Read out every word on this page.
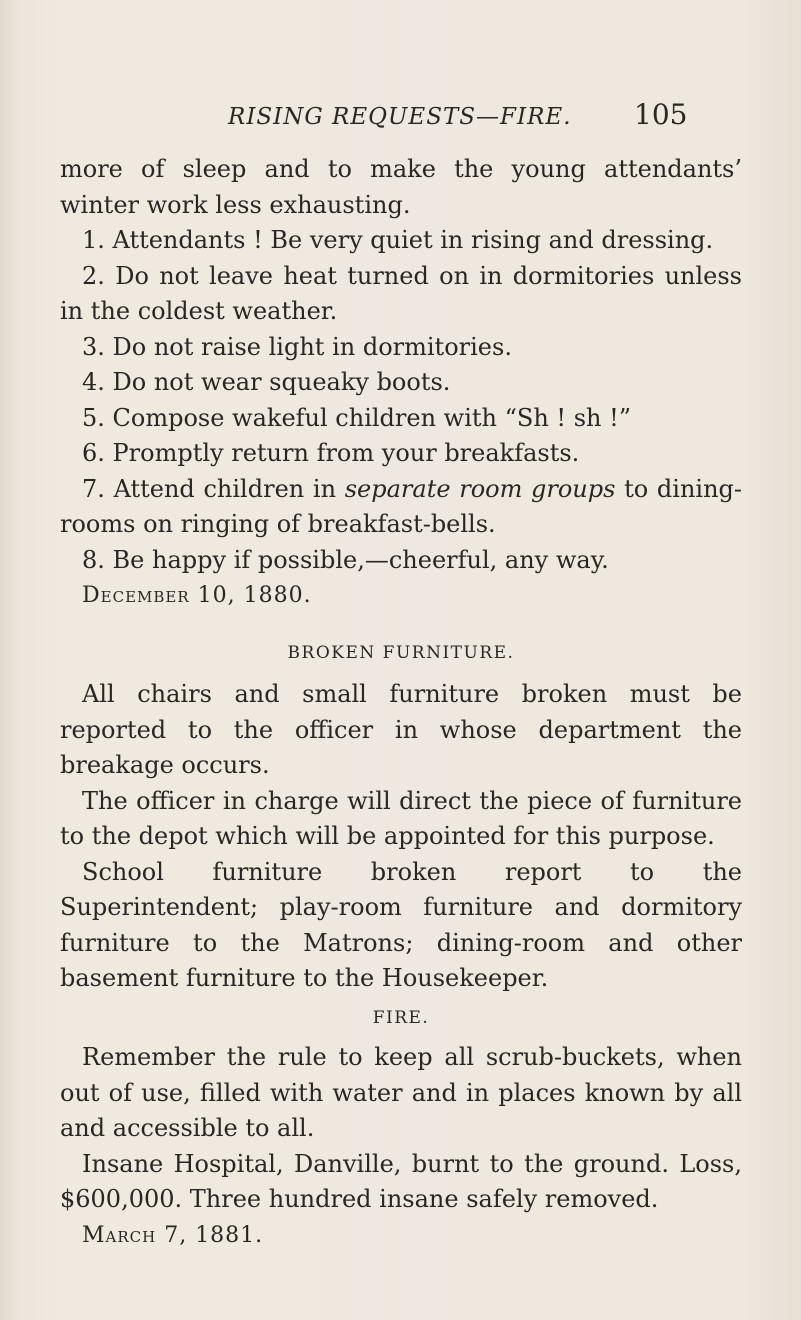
RISING REQUESTS—FIRE. 105

more of sleep and to make the young attendants’ winter work less exhausting.

1. Attendants ! Be very quiet in rising and dressing.

2. Do not leave heat turned on in dormitories unless in the coldest weather.

3. Do not raise light in dormitories.

4. Do not wear squeaky boots.

5. Compose wakeful children with “Sh ! sh !”

6. Promptly return from your breakfasts.

7. Attend children in separate room groups to dining-rooms on ringing of breakfast-bells.

8. Be happy if possible,—cheerful, any way.

December 10, 1880.

BROKEN FURNITURE.

All chairs and small furniture broken must be reported to the officer in whose department the breakage occurs.

The officer in charge will direct the piece of furniture to the depot which will be appointed for this purpose.

School furniture broken report to the Superintendent; play-room furniture and dormitory furniture to the Matrons; dining-room and other basement furniture to the Housekeeper.

FIRE.

Remember the rule to keep all scrub-buckets, when out of use, filled with water and in places known by all and accessible to all.

Insane Hospital, Danville, burnt to the ground. Loss, $600,000. Three hundred insane safely removed.

March 7, 1881.
